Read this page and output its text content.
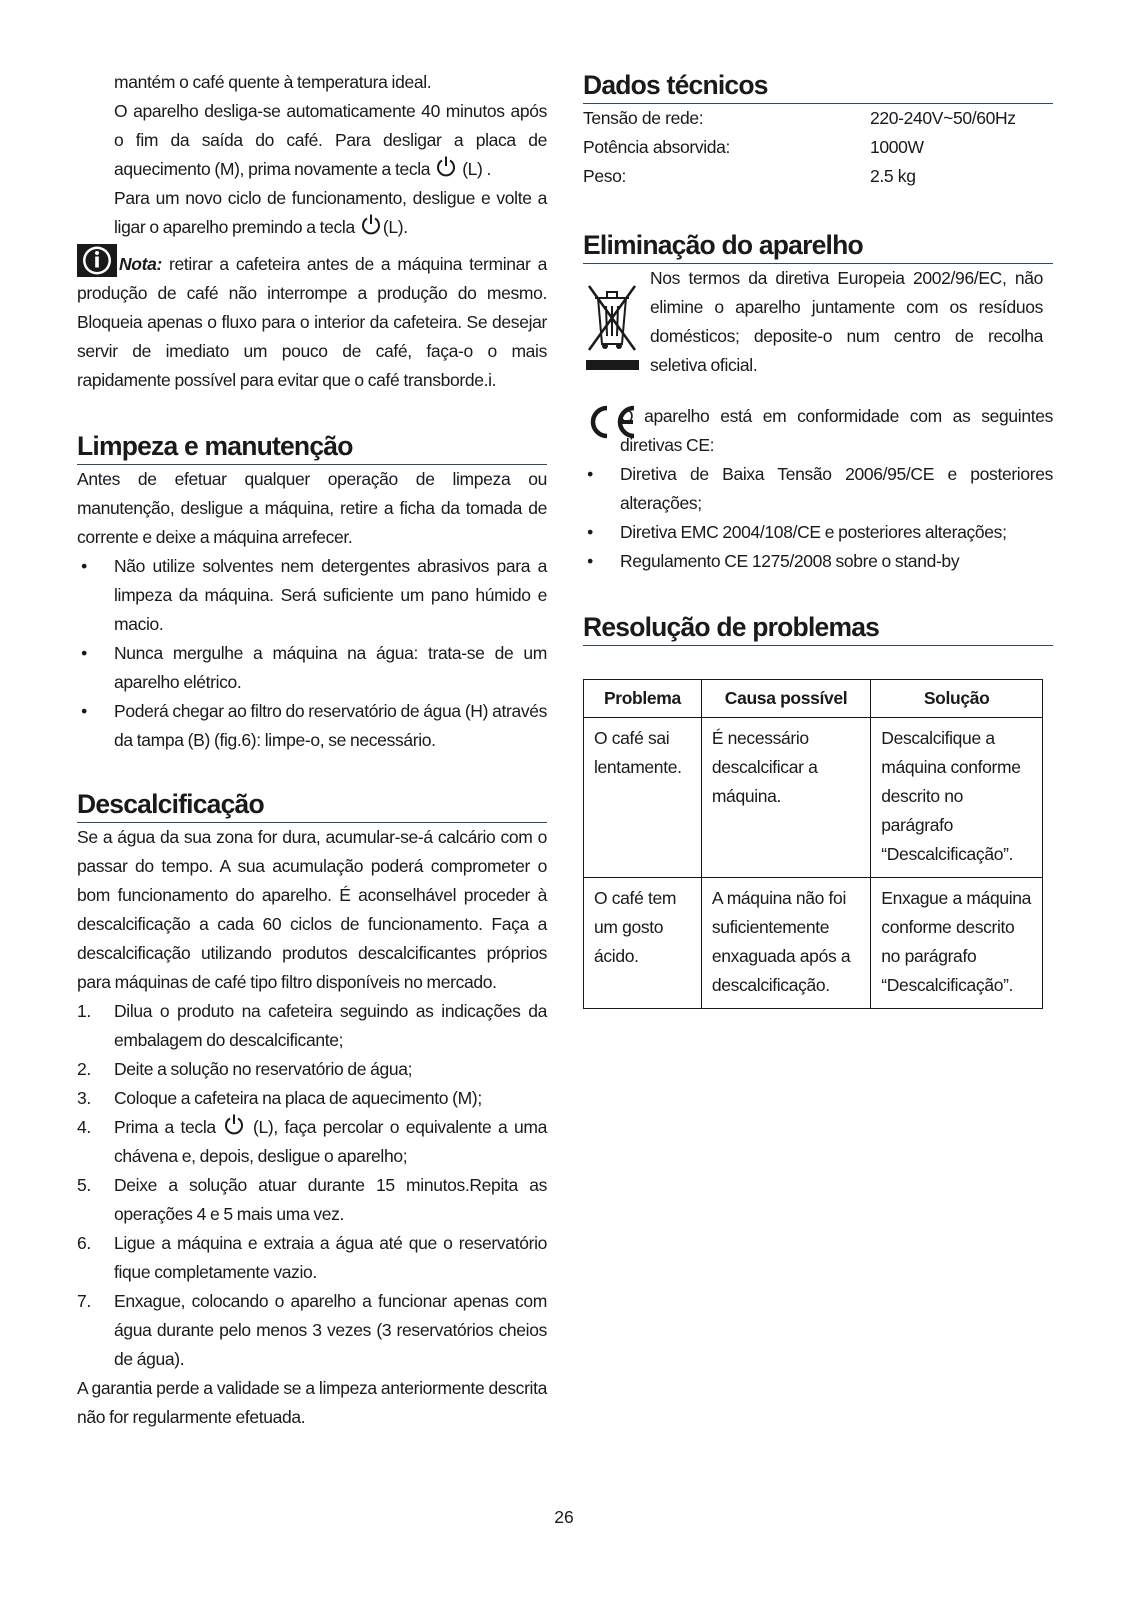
mantém o café quente à temperatura ideal.

O aparelho desliga-se automaticamente 40 minutos após o fim da saída do café. Para desligar a placa de aquecimento (M), prima novamente a tecla (L) .

Para um novo ciclo de funcionamento, desligue e volte a ligar o aparelho premindo a tecla (L).

Nota: retirar a cafeteira antes de a máquina terminar a produção de café não interrompe a produção do mesmo. Bloqueia apenas o fluxo para o interior da cafeteira. Se desejar servir de imediato um pouco de café, faça-o o mais rapidamente possível para evitar que o café transborde.i.

Limpeza e manutenção

Antes de efetuar qualquer operação de limpeza ou manutenção, desligue a máquina, retire a ficha da tomada de corrente e deixe a máquina arrefecer.

• Não utilize solventes nem detergentes abrasivos para a limpeza da máquina. Será suficiente um pano húmido e macio.
• Nunca mergulhe a máquina na água: trata-se de um aparelho elétrico.
• Poderá chegar ao filtro do reservatório de água (H) através da tampa (B) (fig.6): limpe-o, se necessário.
Descalcificação

Se a água da sua zona for dura, acumular-se-á calcário com o passar do tempo. A sua acumulação poderá comprometer o bom funcionamento do aparelho. É aconselhável proceder à descalcificação a cada 60 ciclos de funcionamento. Faça a descalcificação utilizando produtos descalcificantes próprios para máquinas de café tipo filtro disponíveis no mercado.

1. Dilua o produto na cafeteira seguindo as indicações da embalagem do descalcificante;
2. Deite a solução no reservatório de água;
3. Coloque a cafeteira na placa de aquecimento (M);
4. Prima a tecla (L), faça percolar o equivalente a uma chávena e, depois, desligue o aparelho;
5. Deixe a solução atuar durante 15 minutos.Repita as operações 4 e 5 mais uma vez.
6. Ligue a máquina e extraia a água até que o reservatório fique completamente vazio.
7. Enxague, colocando o aparelho a funcionar apenas com água durante pelo menos 3 vezes (3 reservatórios cheios de água).

A garantia perde a validade se a limpeza anteriormente descrita não for regularmente efetuada.

Dados técnicos
Tensão de rede:	220-240V~50/60Hz
Potência absorvida:	1000W
Peso:	2.5 kg
Eliminação do aparelho

Nos termos da diretiva Europeia 2002/96/EC, não elimine o aparelho juntamente com os resíduos domésticos; deposite-o num centro de recolha seletiva oficial.

O aparelho está em conformidade com as seguintes diretivas CE:

• Diretiva de Baixa Tensão 2006/95/CE e posteriores alterações;
• Diretiva EMC 2004/108/CE e posteriores alterações;
• Regulamento CE 1275/2008 sobre o stand-by
Resolução de problemas
Problema	Causa possível	Solução
O café sai lentamente.	É necessário descalcificar a máquina.	Descalcifique a máquina conforme descrito no parágrafo “Descalcificação”.
O café tem um gosto ácido.	A máquina não foi suficientemente enxaguada após a descalcificação.	Enxague a máquina conforme descrito no parágrafo “Descalcificação”.
26
